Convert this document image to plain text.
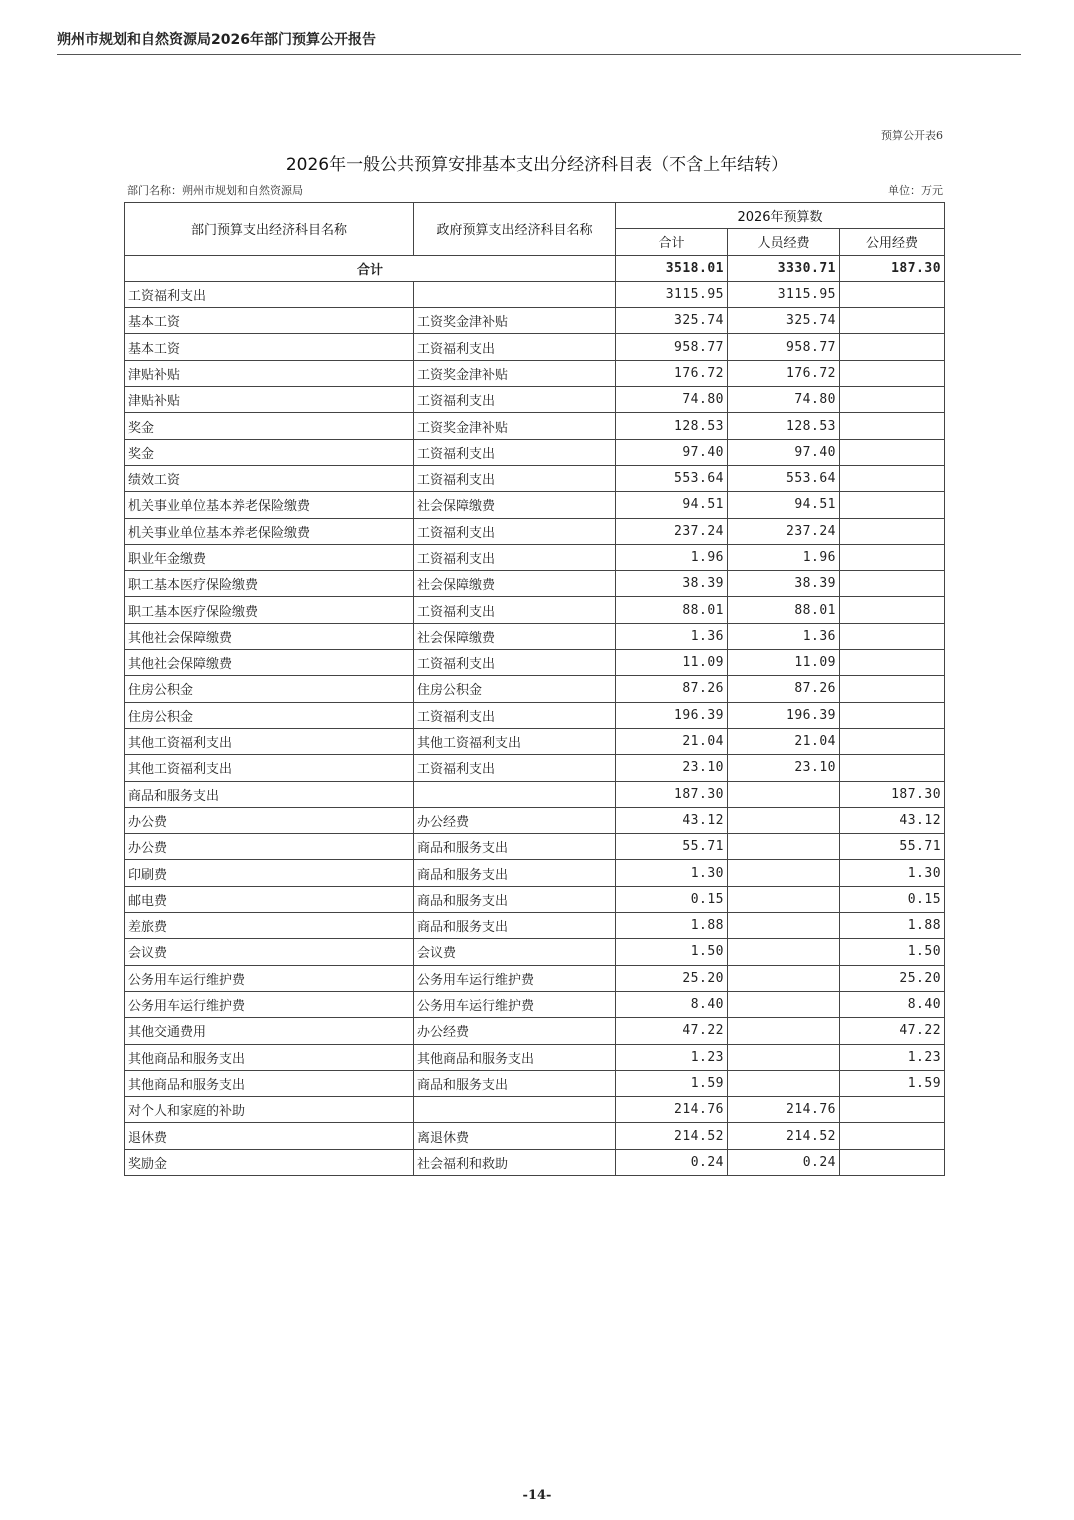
朔州市规划和自然资源局2026年部门预算公开报告
预算公开表6
2026年一般公共预算安排基本支出分经济科目表（不含上年结转）
部门名称：朔州市规划和自然资源局	单位：万元
部门预算支出经济科目名称	政府预算支出经济科目名称	2026年预算数		
		合计	人员经费	公用经费
合计		3518.01	3330.71	187.30
工资福利支出		3115.95	3115.95	
基本工资	工资奖金津补贴	325.74	325.74	
基本工资	工资福利支出	958.77	958.77	
津贴补贴	工资奖金津补贴	176.72	176.72	
津贴补贴	工资福利支出	74.80	74.80	
奖金	工资奖金津补贴	128.53	128.53	
奖金	工资福利支出	97.40	97.40	
绩效工资	工资福利支出	553.64	553.64	
机关事业单位基本养老保险缴费	社会保障缴费	94.51	94.51	
机关事业单位基本养老保险缴费	工资福利支出	237.24	237.24	
职业年金缴费	工资福利支出	1.96	1.96	
职工基本医疗保险缴费	社会保障缴费	38.39	38.39	
职工基本医疗保险缴费	工资福利支出	88.01	88.01	
其他社会保障缴费	社会保障缴费	1.36	1.36	
其他社会保障缴费	工资福利支出	11.09	11.09	
住房公积金	住房公积金	87.26	87.26	
住房公积金	工资福利支出	196.39	196.39	
其他工资福利支出	其他工资福利支出	21.04	21.04	
其他工资福利支出	工资福利支出	23.10	23.10	
商品和服务支出		187.30		187.30
办公费	办公经费	43.12		43.12
办公费	商品和服务支出	55.71		55.71
印刷费	商品和服务支出	1.30		1.30
邮电费	商品和服务支出	0.15		0.15
差旅费	商品和服务支出	1.88		1.88
会议费	会议费	1.50		1.50
公务用车运行维护费	公务用车运行维护费	25.20		25.20
公务用车运行维护费	公务用车运行维护费	8.40		8.40
其他交通费用	办公经费	47.22		47.22
其他商品和服务支出	其他商品和服务支出	1.23		1.23
其他商品和服务支出	商品和服务支出	1.59		1.59
对个人和家庭的补助		214.76	214.76	
退休费	离退休费	214.52	214.52	
奖励金	社会福利和救助	0.24	0.24	
-14-
